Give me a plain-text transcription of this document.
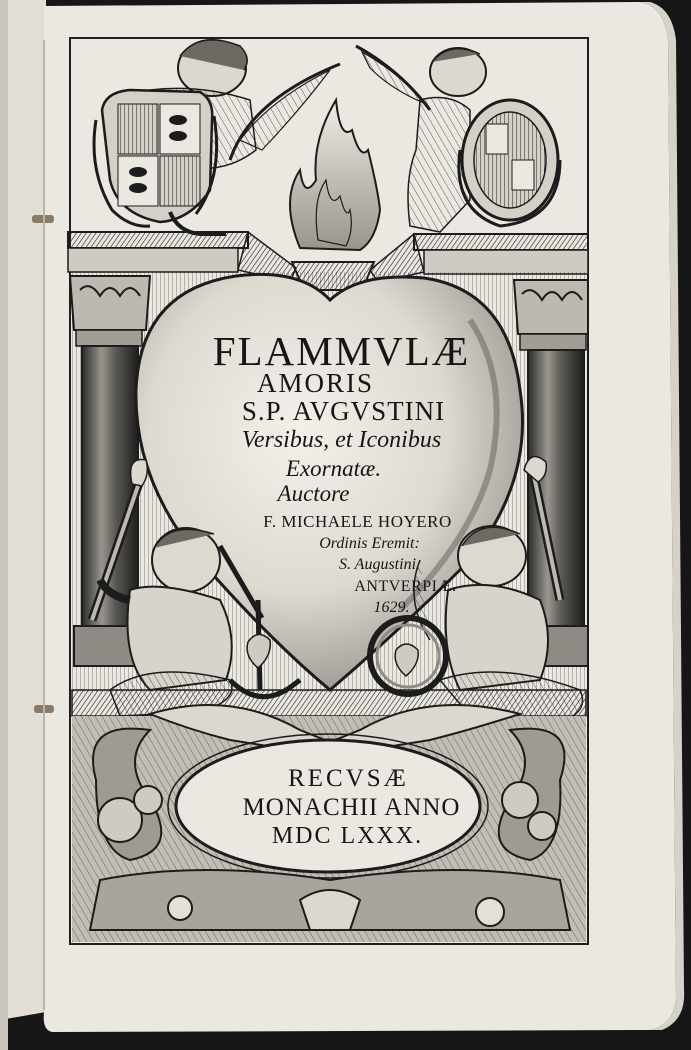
FLAMMVLÆ
AMORIS
S.P. AVGVSTINI
Versibus, et Iconibus
Exornatæ.
Auctore
F. MICHAELE HOYERO
Ordinis Eremit:
S. Augustini.
ANTVERPIÆ.
1629.
RECVSÆ
MONACHII ANNO
MDC LXXX.
